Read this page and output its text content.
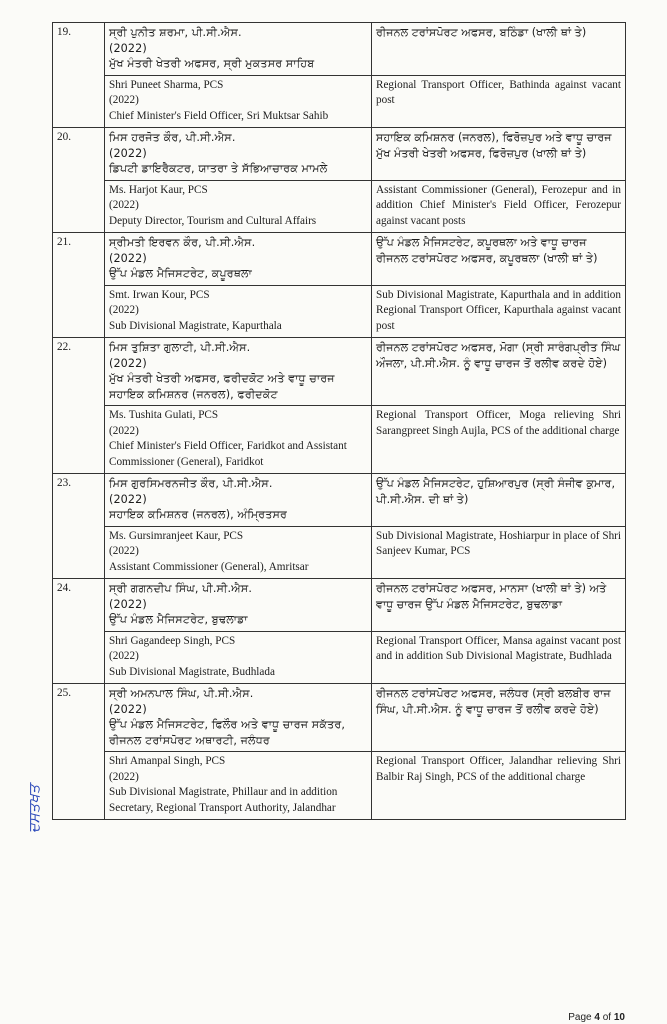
19.	ਸ੍ਰੀ ਪੁਨੀਤ ਸ਼ਰਮਾ, ਪੀ.ਸੀ.ਐਸ.
(2022)
ਮੁੱਖ ਮੰਤਰੀ ਖੇਤਰੀ ਅਫਸਰ, ਸ੍ਰੀ ਮੁਕਤਸਰ ਸਾਹਿਬ	ਰੀਜਨਲ ਟਰਾਂਸਪੋਰਟ ਅਫਸਰ, ਬਠਿੰਡਾ (ਖਾਲੀ ਥਾਂ ਤੇ)

	Shri Puneet Sharma, PCS
(2022)
Chief Minister's Field Officer, Sri Muktsar Sahib	Regional Transport Officer, Bathinda against vacant post
20.	ਮਿਸ ਹਰਜੋਤ ਕੌਰ, ਪੀ.ਸੀ.ਐਸ.
(2022)
ਡਿਪਟੀ ਡਾਇਰੈਕਟਰ, ਯਾਤਰਾ ਤੇ ਸੱਭਿਆਚਾਰਕ ਮਾਮਲੇ	ਸਹਾਇਕ ਕਮਿਸ਼ਨਰ (ਜਨਰਲ), ਫਿਰੋਜ਼ਪੁਰ ਅਤੇ ਵਾਧੂ ਚਾਰਜ ਮੁੱਖ ਮੰਤਰੀ ਖੇਤਰੀ ਅਫਸਰ, ਫਿਰੋਜ਼ਪੁਰ (ਖਾਲੀ ਥਾਂ ਤੇ)

	Ms. Harjot Kaur, PCS
(2022)
Deputy Director, Tourism and Cultural Affairs	Assistant Commissioner (General), Ferozepur and in addition Chief Minister's Field Officer, Ferozepur against vacant posts
21.	ਸ੍ਰੀਮਤੀ ਇਰਵਨ ਕੌਰ, ਪੀ.ਸੀ.ਐਸ.
(2022)
ਉੱਪ ਮੰਡਲ ਮੈਜਿਸਟਰੇਟ, ਕਪੂਰਥਲਾ	ਉੱਪ ਮੰਡਲ ਮੈਜਿਸਟਰੇਟ, ਕਪੂਰਥਲਾ ਅਤੇ ਵਾਧੂ ਚਾਰਜ ਰੀਜਨਲ ਟਰਾਂਸਪੋਰਟ ਅਫਸਰ, ਕਪੂਰਥਲਾ (ਖਾਲੀ ਥਾਂ ਤੇ)

	Smt. Irwan Kour, PCS
(2022)
Sub Divisional Magistrate, Kapurthala	Sub Divisional Magistrate, Kapurthala and in addition Regional Transport Officer, Kapurthala against vacant post
22.	ਮਿਸ ਤੁਸ਼ਿਤਾ ਗੁਲਾਟੀ, ਪੀ.ਸੀ.ਐਸ.
(2022)
ਮੁੱਖ ਮੰਤਰੀ ਖੇਤਰੀ ਅਫਸਰ, ਫਰੀਦਕੋਟ ਅਤੇ ਵਾਧੂ ਚਾਰਜ ਸਹਾਇਕ ਕਮਿਸ਼ਨਰ (ਜਨਰਲ), ਫਰੀਦਕੋਟ	ਰੀਜਨਲ ਟਰਾਂਸਪੋਰਟ ਅਫਸਰ, ਮੋਗਾ (ਸ੍ਰੀ ਸਾਰੰਗਪ੍ਰੀਤ ਸਿੰਘ ਔਜਲਾ, ਪੀ.ਸੀ.ਐਸ. ਨੂੰ ਵਾਧੂ ਚਾਰਜ ਤੋਂ ਰਲੀਵ ਕਰਦੇ ਹੋਏ)

	Ms. Tushita Gulati, PCS
(2022)
Chief Minister's Field Officer, Faridkot and Assistant Commissioner (General), Faridkot	Regional Transport Officer, Moga relieving Shri Sarangpreet Singh Aujla, PCS of the additional charge
23.	ਮਿਸ ਗੁਰਸਿਮਰਨਜੀਤ ਕੌਰ, ਪੀ.ਸੀ.ਐਸ.
(2022)
ਸਹਾਇਕ ਕਮਿਸ਼ਨਰ (ਜਨਰਲ), ਅੰਮ੍ਰਿਤਸਰ	ਉੱਪ ਮੰਡਲ ਮੈਜਿਸਟਰੇਟ, ਹੁਸ਼ਿਆਰਪੁਰ (ਸ੍ਰੀ ਸੰਜੀਵ ਕੁਮਾਰ, ਪੀ.ਸੀ.ਐਸ. ਦੀ ਥਾਂ ਤੇ)

	Ms. Gursimranjeet Kaur, PCS
(2022)
Assistant Commissioner (General), Amritsar	Sub Divisional Magistrate, Hoshiarpur in place of Shri Sanjeev Kumar, PCS
24.	ਸ੍ਰੀ ਗਗਨਦੀਪ ਸਿੰਘ, ਪੀ.ਸੀ.ਐਸ.
(2022)
ਉੱਪ ਮੰਡਲ ਮੈਜਿਸਟਰੇਟ, ਬੁਢਲਾਡਾ	ਰੀਜਨਲ ਟਰਾਂਸਪੋਰਟ ਅਫਸਰ, ਮਾਨਸਾ (ਖਾਲੀ ਥਾਂ ਤੇ) ਅਤੇ ਵਾਧੂ ਚਾਰਜ ਉੱਪ ਮੰਡਲ ਮੈਜਿਸਟਰੇਟ, ਬੁਢਲਾਡਾ

	Shri Gagandeep Singh, PCS
(2022)
Sub Divisional Magistrate, Budhlada	Regional Transport Officer, Mansa against vacant post and in addition Sub Divisional Magistrate, Budhlada
25.	ਸ੍ਰੀ ਅਮਨਪਾਲ ਸਿੰਘ, ਪੀ.ਸੀ.ਐਸ.
(2022)
ਉੱਪ ਮੰਡਲ ਮੈਜਿਸਟਰੇਟ, ਫਿਲੌਰ ਅਤੇ ਵਾਧੂ ਚਾਰਜ ਸਕੱਤਰ, ਰੀਜਨਲ ਟਰਾਂਸਪੋਰਟ ਅਥਾਰਟੀ, ਜਲੰਧਰ	ਰੀਜਨਲ ਟਰਾਂਸਪੋਰਟ ਅਫਸਰ, ਜਲੰਧਰ (ਸ੍ਰੀ ਬਲਬੀਰ ਰਾਜ ਸਿੰਘ, ਪੀ.ਸੀ.ਐਸ. ਨੂੰ ਵਾਧੂ ਚਾਰਜ ਤੋਂ ਰਲੀਵ ਕਰਦੇ ਹੋਏ)

	Shri Amanpal Singh, PCS
(2022)
Sub Divisional Magistrate, Phillaur and in addition Secretary, Regional Transport Authority, Jalandhar	Regional Transport Officer, Jalandhar relieving Shri Balbir Raj Singh, PCS of the additional charge
ਦਸਤਖਤ
Page 4 of 10
